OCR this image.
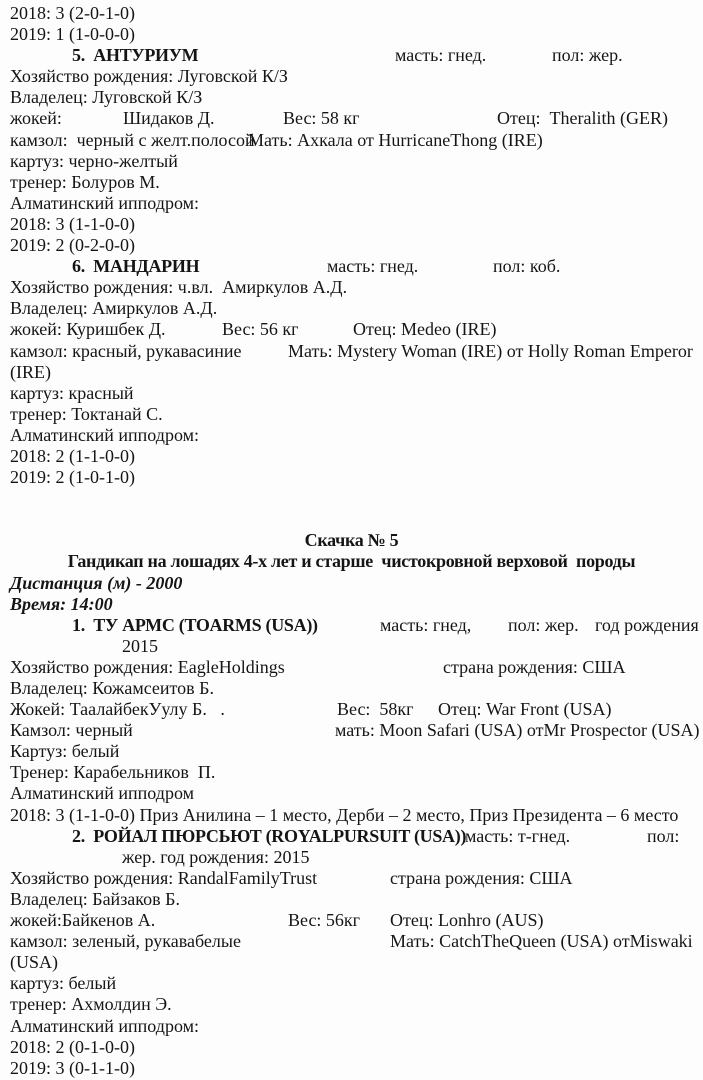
2018: 3 (2-0-1-0)
2019: 1 (1-0-0-0)
5.  АНТУРИУМ	масть: гнед.	пол: жер.
Хозяйство рождения: Луговской К/З
Владелец: Луговской К/З
жокей:	Шидаков Д.	Вес: 58 кг	Отец:  Theralith (GER)
камзол:  черный с желт.полосой
Мать: Ахкала от HurricaneThong (IRE)
картуз: черно-желтый
тренер: Болуров М.
Алматинский ипподром:
2018: 3 (1-1-0-0)
2019: 2 (0-2-0-0)
6.  МАНДАРИН	масть: гнед.	пол: коб.
Хозяйство рождения: ч.вл.  Амиркулов А.Д.
Владелец: Амиркулов А.Д.
жокей: Куришбек Д.	Вес: 56 кг	Отец: Medeo (IRE)
камзол: красный, рукавасиние	Мать: Mystery Woman (IRE) от Holly Roman Emperor
(IRE)
картуз: красный
тренер: Токтанай С.
Алматинский ипподром:
2018: 2 (1-1-0-0)
2019: 2 (1-0-1-0)
Скачка № 5
Гандикап на лошадях 4-х лет и старше  чистокровной верховой  породы
Дистанция (м) - 2000
Время: 14:00
1.  ТУ АРМС (TOARMS (USA))	масть: гнед, пол: жер. год рождения
2015
Хозяйство рождения: EagleHoldings	страна рождения: США
Владелец: Кожамсеитов Б.
Жокей: ТаалайбекУулу Б.   .	Вес:  58кг Отец: War Front (USA)
Камзол: черный	мать: Moon Safari (USA) отMr Prospector (USA)
Картуз: белый
Тренер: Карабельников  П.
Алматинский ипподром
2018: 3 (1-1-0-0) Приз Анилина – 1 место, Дерби – 2 место, Приз Президента – 6 место
2.  РОЙАЛ ПЮРСЬЮТ (ROYALPURSUIT (USA))
масть: т-гнед.	пол:
жер. год рождения: 2015
Хозяйство рождения: RandalFamilyTrust	страна рождения: США
Владелец: Байзаков Б.
жокей:Байкенов А.	Вес: 56кг Отец: Lonhro (AUS)
камзол: зеленый, рукавабелые	Мать: CatchTheQueen (USA) отMiswaki
(USA)
картуз: белый
тренер: Ахмолдин Э.
Алматинский ипподром:
2018: 2 (0-1-0-0)
2019: 3 (0-1-1-0)
